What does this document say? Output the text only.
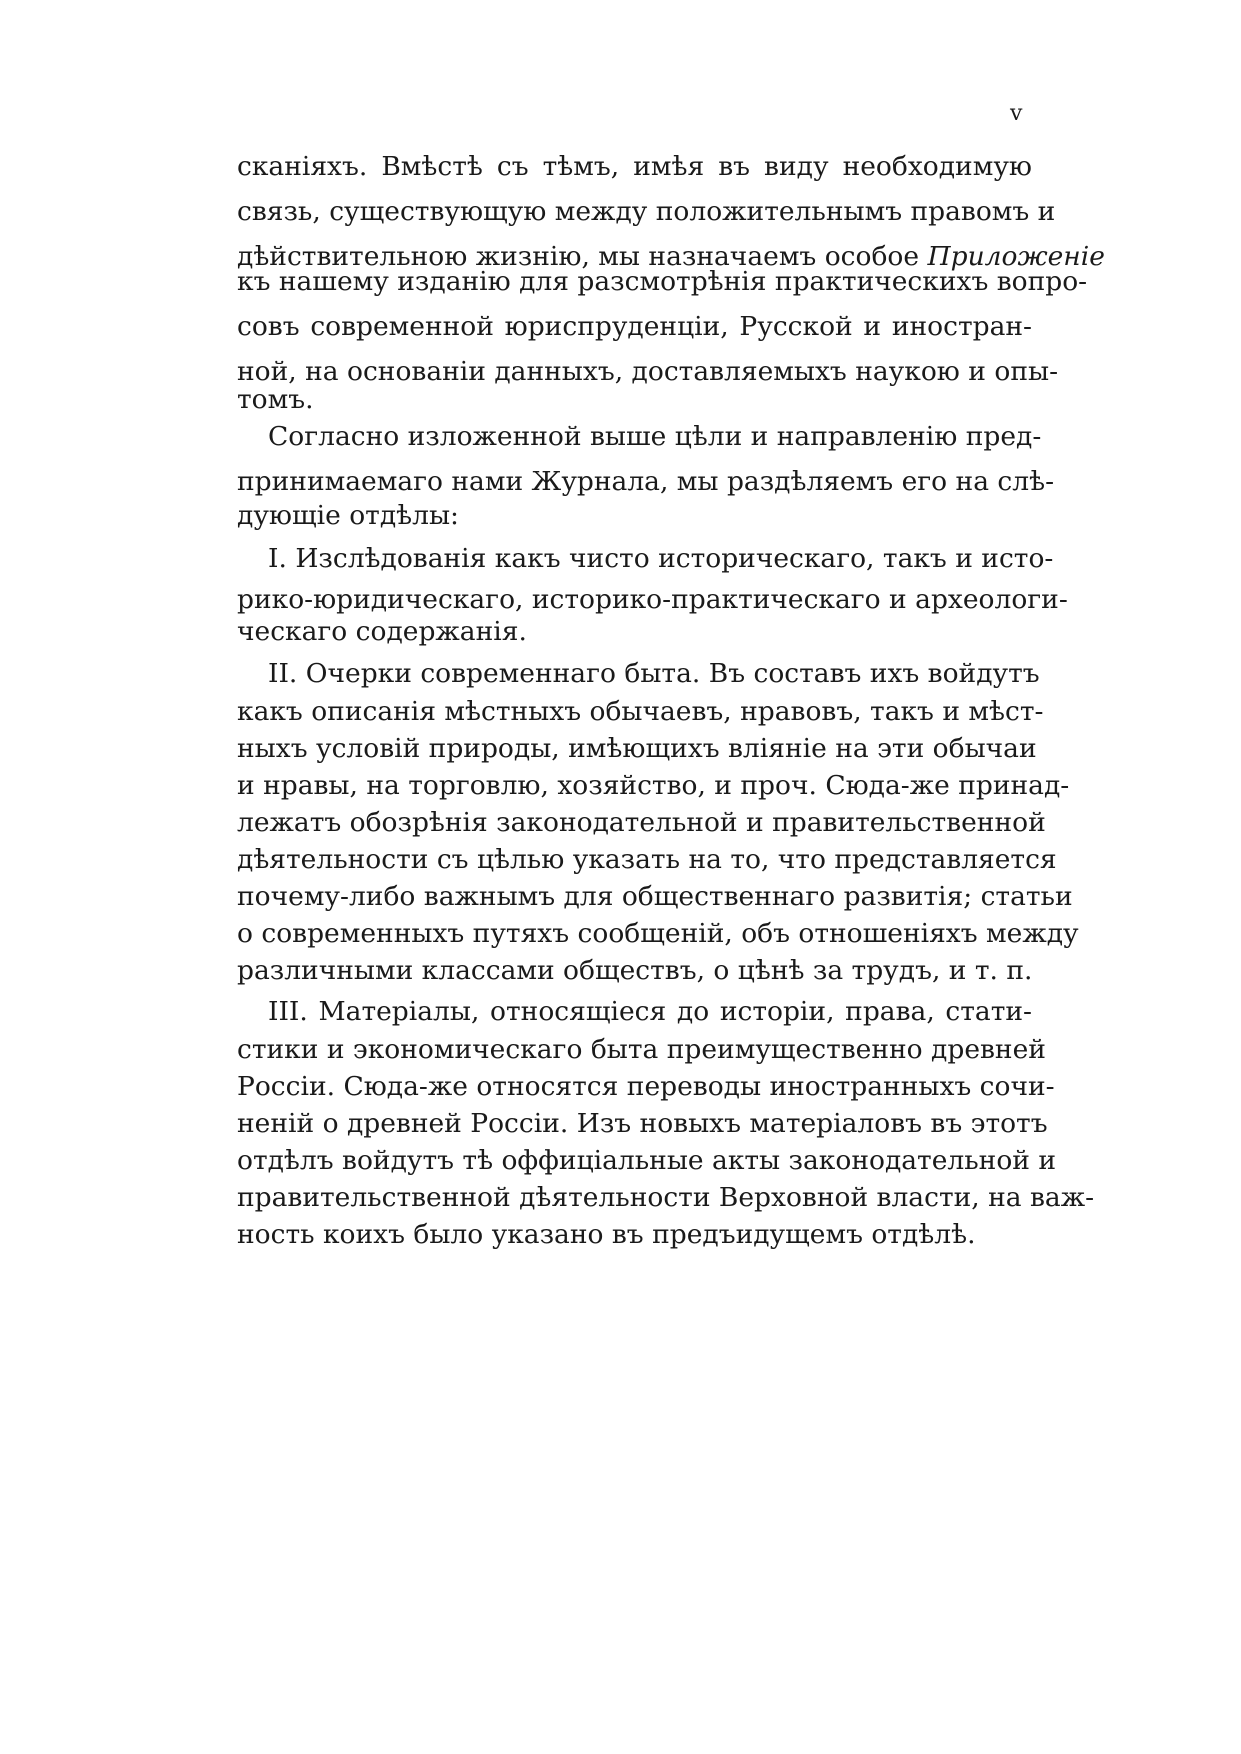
v
сканіяхъ. Вмѣстѣ съ тѣмъ, имѣя въ виду необходимую
связь, существующую между положительнымъ правомъ и
дѣйствительною жизнію, мы назначаемъ особое Приложеніе
къ нашему изданію для разсмотрѣнія практическихъ вопро-
совъ современной юриспруденціи, Русской и иностран-
ной, на основаніи данныхъ, доставляемыхъ наукою и опы-
томъ.
Согласно изложенной выше цѣли и направленію пред-
принимаемаго нами Журнала, мы раздѣляемъ его на слѣ-
дующіе отдѣлы:
I. Изслѣдованія какъ чисто историческаго, такъ и исто-
рико-юридическаго, историко-практическаго и археологи-
ческаго содержанія.
II. Очерки современнаго быта. Въ составъ ихъ войдутъ
какъ описанія мѣстныхъ обычаевъ, нравовъ, такъ и мѣст-
ныхъ условій природы, имѣющихъ вліяніе на эти обычаи
и нравы, на торговлю, хозяйство, и проч. Сюда-же принад-
лежатъ обозрѣнія законодательной и правительственной
дѣятельности съ цѣлью указать на то, что представляется
почему-либо важнымъ для общественнаго развитія; статьи
о современныхъ путяхъ сообщеній, объ отношеніяхъ между
различными классами обществъ, о цѣнѣ за трудъ, и т. п.
III. Матеріалы, относящіеся до исторіи, права, стати-
стики и экономическаго быта преимущественно древней
Россіи. Сюда-же относятся переводы иностранныхъ сочи-
неній о древней Россіи. Изъ новыхъ матеріаловъ въ этотъ
отдѣлъ войдутъ тѣ оффиціальные акты законодательной и
правительственной дѣятельности Верховной власти, на важ-
ность коихъ было указано въ предъидущемъ отдѣлѣ.
